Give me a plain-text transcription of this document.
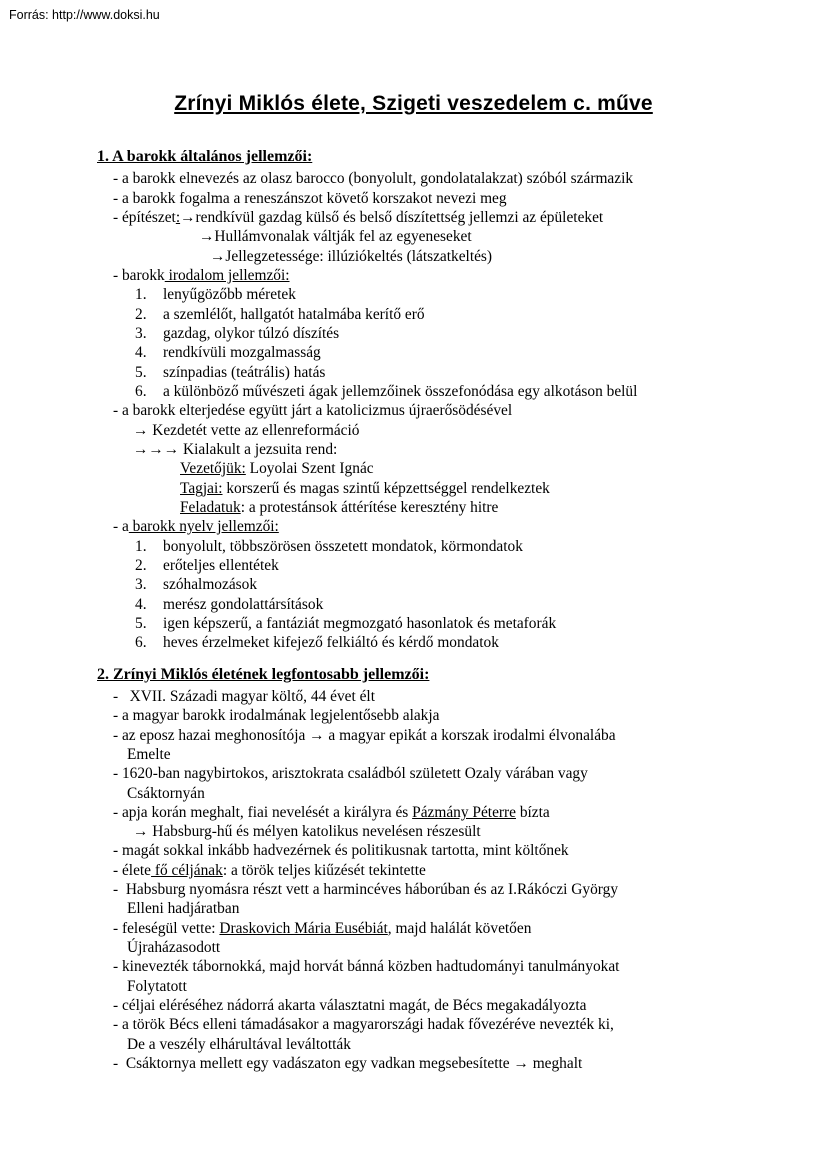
Forrás: http://www.doksi.hu
Zrínyi Miklós élete, Szigeti veszedelem c. műve
1. A barokk általános jellemzői:
- a barokk elnevezés az olasz barocco (bonyolult, gondolatalakzat) szóból származik
- a barokk fogalma a reneszánszot követő korszakot nevezi meg
- építészet:→rendkívül gazdag külső és belső díszítettség jellemzi az épületeket
→Hullámvonalak váltják fel az egyeneseket
→Jellegzetessége: illúziókeltés (látszatkeltés)
- barokk irodalom jellemzői:
1. lenyűgözőbb méretek
2. a szemlélőt, hallgatót hatalmába kerítő erő
3. gazdag, olykor túlzó díszítés
4. rendkívüli mozgalmasság
5. színpadias (teátrális) hatás
6. a különböző művészeti ágak jellemzőinek összefonódása egy alkotáson belül
- a barokk elterjedése együtt járt a katolicizmus újraerősödésével
→ Kezdetét vette az ellenreformáció
→→→ Kialakult a jezsuita rend:
Vezetőjük: Loyolai Szent Ignác
Tagjai: korszerű és magas szintű képzettséggel rendelkeztek
Feladatuk: a protestánsok áttérítése keresztény hitre
- a barokk nyelv jellemzői:
1. bonyolult, többszörösen összetett mondatok, körmondatok
2. erőteljes ellentétek
3. szóhalmozások
4. merész gondolattársítások
5. igen képszerű, a fantáziát megmozgató hasonlatok és metaforák
6. heves érzelmeket kifejező felkiáltó és kérdő mondatok
2. Zrínyi Miklós életének legfontosabb jellemzői:
-   XVII. Századi magyar költő, 44 évet élt
- a magyar barokk irodalmának legjelentősebb alakja
- az eposz hazai meghonosítója → a magyar epikát a korszak irodalmi élvonalába
Emelte
- 1620-ban nagybirtokos, arisztokrata családból született Ozaly várában vagy
Csáktornyán
- apja korán meghalt, fiai nevelését a királyra és Pázmány Péterre bízta
→ Habsburg-hű és mélyen katolikus nevelésen részesült
- magát sokkal inkább hadvezérnek és politikusnak tartotta, mint költőnek
- élete fő céljának: a török teljes kiűzését tekintette
-  Habsburg nyomásra részt vett a harmincéves háborúban és az I.Rákóczi György
Elleni hadjáratban
- feleségül vette: Draskovich Mária Eusébiát, majd halálát követően
Újraházasodott
- kinevezték tábornokká, majd horvát bánná közben hadtudományi tanulmányokat
Folytatott
- céljai eléréséhez nádorrá akarta választatni magát, de Bécs megakadályozta
- a török Bécs elleni támadásakor a magyarországi hadak fővezéréve nevezték ki,
De a veszély elhárultával leváltották
-  Csáktornya mellett egy vadászaton egy vadkan megsebesítette → meghalt
